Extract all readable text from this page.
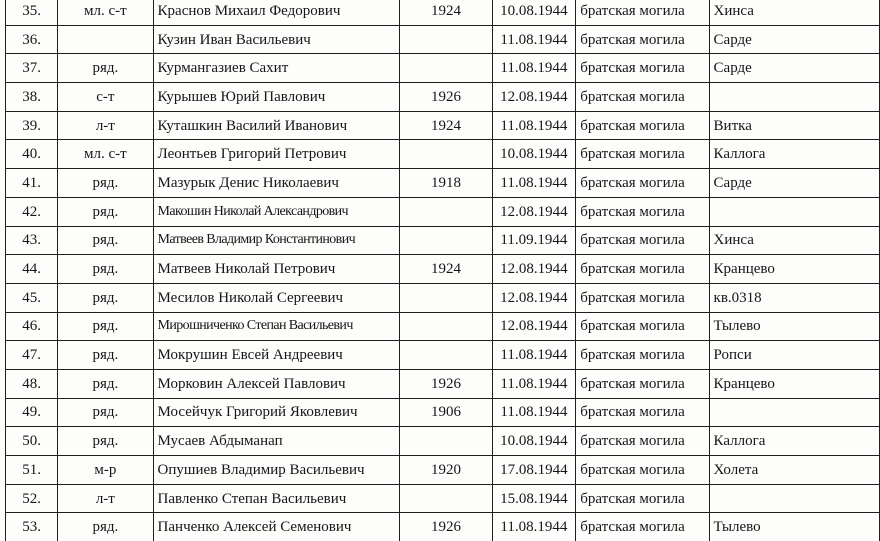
35.	мл. с-т	Краснов Михаил Федорович	1924	10.08.1944	братская могила	Хинса
36.		Кузин Иван Васильевич		11.08.1944	братская могила	Сарде
37.	ряд.	Курмангазиев Сахит		11.08.1944	братская могила	Сарде
38.	с-т	Курышев Юрий Павлович	1926	12.08.1944	братская могила	
39.	л-т	Куташкин Василий Иванович	1924	11.08.1944	братская могила	Витка
40.	мл. с-т	Леонтьев Григорий Петрович		10.08.1944	братская могила	Каллога
41.	ряд.	Мазурык Денис Николаевич	1918	11.08.1944	братская могила	Сарде
42.	ряд.	Макошин Николай Александрович		12.08.1944	братская могила	
43.	ряд.	Матвеев Владимир Константинович		11.09.1944	братская могила	Хинса
44.	ряд.	Матвеев Николай Петрович	1924	12.08.1944	братская могила	Кранцево
45.	ряд.	Месилов Николай Сергеевич		12.08.1944	братская могила	кв.0318
46.	ряд.	Мирошниченко Степан Васильевич		12.08.1944	братская могила	Тылево
47.	ряд.	Мокрушин Евсей Андреевич		11.08.1944	братская могила	Ропси
48.	ряд.	Морковин Алексей Павлович	1926	11.08.1944	братская могила	Кранцево
49.	ряд.	Мосейчук Григорий Яковлевич	1906	11.08.1944	братская могила	
50.	ряд.	Мусаев Абдыманап		10.08.1944	братская могила	Каллога
51.	м-р	Опушиев Владимир Васильевич	1920	17.08.1944	братская могила	Холета
52.	л-т	Павленко Степан Васильевич		15.08.1944	братская могила	
53.	ряд.	Панченко Алексей Семенович	1926	11.08.1944	братская могила	Тылево
